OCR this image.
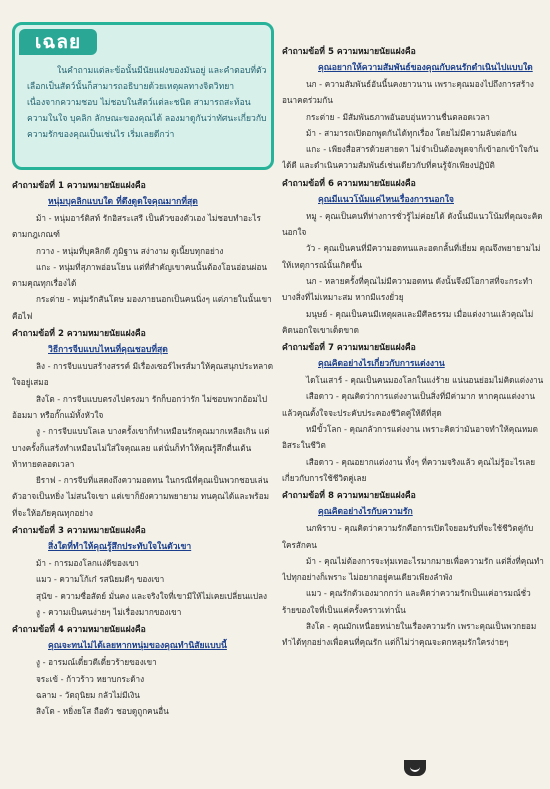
เฉลย
ในคำถามแต่ละข้อนั้นมีนัยแฝงของมันอยู่ และคำตอบที่ตัวเลือกเป็นสัตว์นั้นก็สามารถอธิบายด้วยเหตุผลทางจิตวิทยา เนื่องจากความชอบ ไม่ชอบในสัตว์แต่ละชนิด สามารถสะท้อนความในใจ บุคลิก ลักษณะของคุณได้ ลองมาดูกันว่าทัศนะเกี่ยวกับความรักของคุณเป็นเช่นไร เริ่มเลยดีกว่า

คำถามข้อที่ 1 ความหมายนัยแฝงคือ

หนุ่มบุคลิกแบบใด ที่ดึงดูดใจคุณมากที่สุด

ม้า - หนุ่มอาร์ติสท์ รักอิสระเสรี เป็นตัวของตัวเอง ไม่ชอบทำอะไรตามกฎเกณฑ์

กวาง - หนุ่มที่บุคลิกดี ภูมิฐาน สง่างาม ดูเนี้ยบทุกอย่าง

แกะ - หนุ่มที่สุภาพอ่อนโยน แต่ที่สำคัญเขาคนนั้นต้องโอนอ่อนผ่อนตามคุณทุกเรื่องได้

กระต่าย - หนุ่มรักสันโดษ มองภายนอกเป็นคนนิ่งๆ แต่ภายในนั้นเขาคือไฟ

คำถามข้อที่ 2 ความหมายนัยแฝงคือ

วิธีการจีบแบบไหนที่คุณชอบที่สุด

ลิง - การจีบแบบสร้างสรรค์ มีเรื่องเซอร์ไพรส์มาให้คุณสนุกประหลาดใจอยู่เสมอ

สิงโต - การจีบแบบตรงไปตรงมา รักก็บอกว่ารัก ไม่ชอบพวกอ้อมไปอ้อมมา หรือกั๊กแม้ทั้งหัวใจ

งู - การจีบแบบโลเล บางครั้งเขาก็ทำเหมือนรักคุณมากเหลือเกิน แต่บางครั้งก็แสร้งทำเหมือนไม่ใส่ใจคุณเลย แต่นั่นก็ทำให้คุณรู้สึกตื่นเต้น ท้าทายตลอดเวลา

ยีราฟ - การจีบที่แสดงถึงความอดทน ในกรณีที่คุณเป็นพวกชอบเล่นตัวอาจเป็นหยิ่ง ไม่สนใจเขา แต่เขาก็ยังความพยายาม ทนคุณได้และพร้อมที่จะให้อภัยคุณทุกอย่าง

คำถามข้อที่ 3 ความหมายนัยแฝงคือ

สิ่งใดที่ทำให้คุณรู้สึกประทับใจในตัวเขา

ม้า - การมองโลกแง่ดีของเขา

แมว - ความโก้เก๋ รสนิยมดีๆ ของเขา

สุนัข - ความซื่อสัตย์ มั่นคง และจริงใจที่เขามีให้ไม่เคยเปลี่ยนแปลง

งู - ความเป็นคนง่ายๆ ไม่เรื่องมากของเขา

คำถามข้อที่ 4 ความหมายนัยแฝงคือ

คุณจะทนไม่ได้เลยหากหนุ่มของคุณทำนิสัยแบบนี้

งู - อารมณ์เดี๋ยวดีเดี๋ยวร้ายของเขา

จระเข้ - ก้าวร้าว หยาบกระด้าง

ฉลาม - วัตถุนิยม กลัวไม่มีเงิน

สิงโต - หยิ่งยโส ถือตัว ชอบดูถูกคนอื่น

คำถามข้อที่ 5 ความหมายนัยแฝงคือ

คุณอยากให้ความสัมพันธ์ของคุณกับคนรักดำเนินไปแบบใด

นก - ความสัมพันธ์อันนี้นคงยาวนาน เพราะคุณมองไปถึงการสร้างอนาคตร่วมกัน

กระต่าย - มีสัมพันธภาพอันอบอุ่นหวานชื่นตลอดเวลา

ม้า - สามารถเปิดอกพูดกันได้ทุกเรื่อง โดยไม่มีความลับต่อกัน

แกะ - เพียงสื่อสารด้วยสายตา ไม่จำเป็นต้องพูดจาก็เข้าอกเข้าใจกันได้ดี และดำเนินความสัมพันธ์เช่นเดียวกับที่คนรู้จักเพียงปฏิบัติ

คำถามข้อที่ 6 ความหมายนัยแฝงคือ

คุณมีแนวโน้มแค่ไหนเรื่องการนอกใจ

หมู - คุณเป็นคนที่ห่างการชั่วรู้ไม่ค่อยได้ ดังนั้นมีแนวโน้มที่คุณจะคิดนอกใจ

วัว - คุณเป็นคนที่มีความอดทนและอดกลั้นที่เยี่ยม คุณจึงพยายามไม่ให้เหตุการณ์นั้นเกิดขึ้น

นก - หลายครั้งที่คุณไม่มีความอดทน ดังนั้นจึงมีโอกาสที่จะกระทำบางสิ่งที่ไม่เหมาะสม หากมีแรงยั่วยุ

มนุษย์ - คุณเป็นคนมีเหตุผลและมีศีลธรรม เมื่อแต่งงานแล้วคุณไม่คิดนอกใจเขาเด็ดขาด

คำถามข้อที่ 7 ความหมายนัยแฝงคือ

คุณคิดอย่างไรเกี่ยวกับการแต่งงาน

ไดโนเสาร์ - คุณเป็นคนมองโลกในแง่ร้าย แน่นอนย่อมไม่คิดแต่งงาน

เสือดาว - คุณคิดว่าการแต่งงานเป็นสิ่งที่มีค่ามาก หากคุณแต่งงานแล้วคุณตั้งใจจะประคับประคองชีวิตคู่ให้ดีที่สุด

หมีขั้วโลก - คุณกลัวการแต่งงาน เพราะคิดว่ามันอาจทำให้คุณหมดอิสระในชีวิต

เสือดาว - คุณอยากแต่งงาน ทั้งๆ ที่ความจริงแล้ว คุณไม่รู้อะไรเลยเกี่ยวกับการใช้ชีวิตคู่เลย

คำถามข้อที่ 8 ความหมายนัยแฝงคือ

คุณคิดอย่างไรกับความรัก

นกพิราบ - คุณคิดว่าความรักคือการเปิดใจยอมรับที่จะใช้ชีวิตคู่กับใครสักคน

ม้า - คุณไม่ต้องการจะทุ่มเทอะไรมากมายเพื่อความรัก แต่สิ่งที่คุณทำไปทุกอย่างก็เพราะ ไม่อยากอยู่คนเดียวเพียงลำพัง

แมว - คุณรักตัวเองมากกว่า และคิดว่าความรักเป็นแค่อารมณ์ชั่วร้ายของใจที่เป็นแค่ครั้งคราวเท่านั้น

สิงโต - คุณมักเหนื่อยหน่ายในเรื่องความรัก เพราะคุณเป็นพวกยอมทำได้ทุกอย่างเพื่อคนที่คุณรัก แต่ก็ไม่ว่าคุณจะตกหลุมรักใครง่ายๆ
